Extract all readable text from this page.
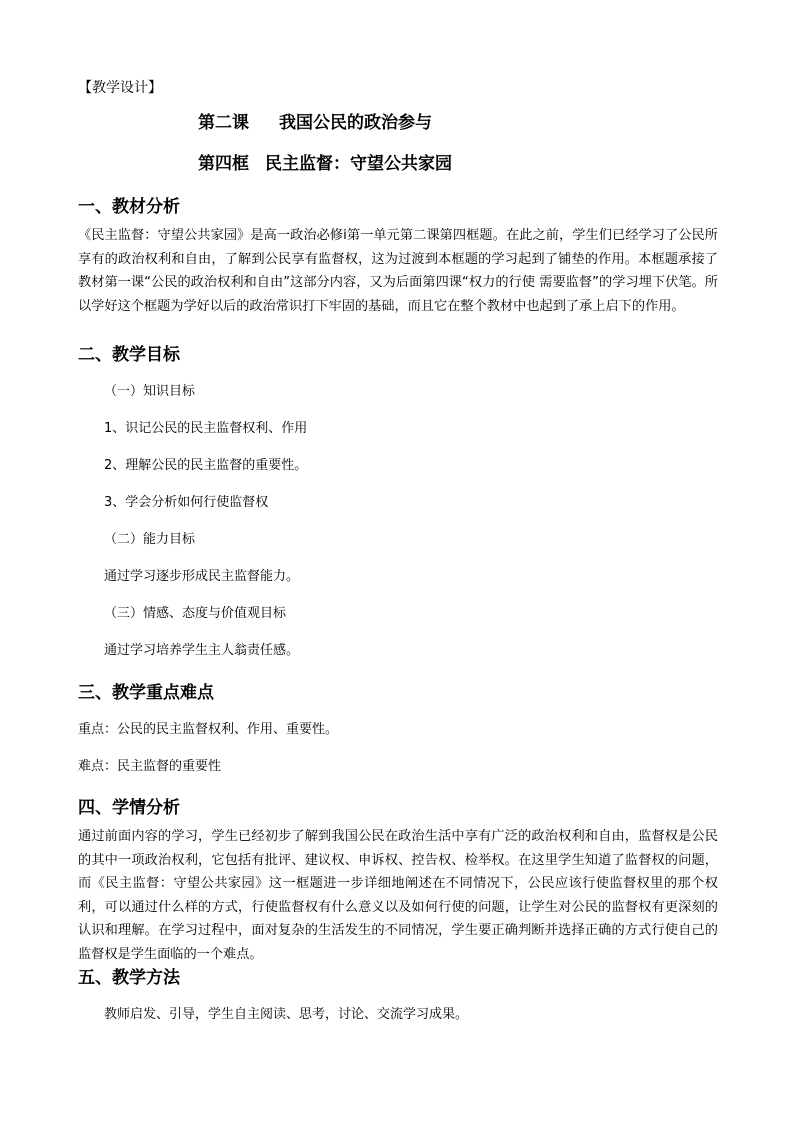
【教学设计】
第二课 我国公民的政治参与
第四框 民主监督：守望公共家园
一、教材分析
《民主监督：守望公共家园》是高一政治必修ⅰ第一单元第二课第四框题。在此之前，学生们已经学习了公民所享有的政治权利和自由，了解到公民享有监督权，这为过渡到本框题的学习起到了铺垫的作用。本框题承接了教材第一课“公民的政治权利和自由”这部分内容，又为后面第四课“权力的行使 需要监督”的学习埋下伏笔。所以学好这个框题为学好以后的政治常识打下牢固的基础，而且它在整个教材中也起到了承上启下的作用。
二、教学目标
（一）知识目标
1、识记公民的民主监督权利、作用
2、理解公民的民主监督的重要性。
3、学会分析如何行使监督权
（二）能力目标
通过学习逐步形成民主监督能力。
（三）情感、态度与价值观目标
通过学习培养学生主人翁责任感。
三、教学重点难点
重点：公民的民主监督权利、作用、重要性。
难点：民主监督的重要性
四、学情分析
通过前面内容的学习，学生已经初步了解到我国公民在政治生活中享有广泛的政治权利和自由，监督权是公民的其中一项政治权利，它包括有批评、建议权、申诉权、控告权、检举权。在这里学生知道了监督权的问题，而《民主监督：守望公共家园》这一框题进一步详细地阐述在不同情况下，公民应该行使监督权里的那个权利，可以通过什么样的方式，行使监督权有什么意义以及如何行使的问题，让学生对公民的监督权有更深刻的认识和理解。在学习过程中，面对复杂的生活发生的不同情况，学生要正确判断并选择正确的方式行使自己的监督权是学生面临的一个难点。
五、教学方法
教师启发、引导，学生自主阅读、思考，讨论、交流学习成果。
